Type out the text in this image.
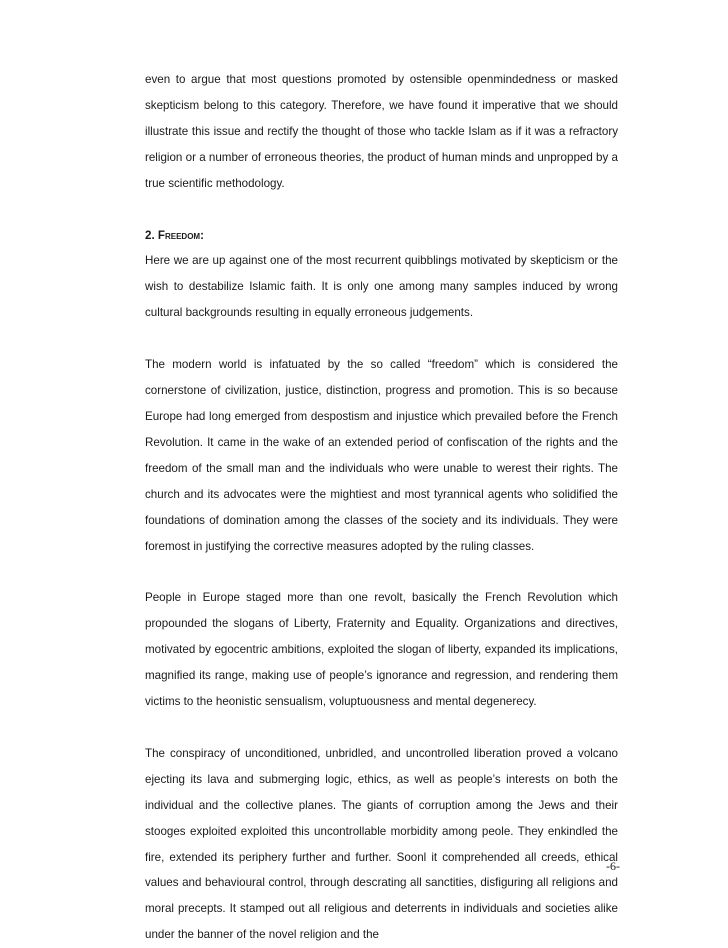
even to argue that most questions promoted by ostensible openmindedness or masked skepticism belong to this category. Therefore, we have found it imperative that we should illustrate this issue and rectify the thought of those who tackle Islam as if it was a refractory religion or a number of erroneous theories, the product of human minds and unpropped by a true scientific methodology.

2. Freedom:

Here we are up against one of the most recurrent quibblings motivated by skepticism or the wish to destabilize Islamic faith. It is only one among many samples induced by wrong cultural backgrounds resulting in equally erroneous judgements.

The modern world is infatuated by the so called “freedom” which is considered the cornerstone of civilization, justice, distinction, progress and promotion. This is so because Europe had long emerged from despostism and injustice which prevailed before the French Revolution. It came in the wake of an extended period of confiscation of the rights and the freedom of the small man and the individuals who were unable to werest their rights. The church and its advocates were the mightiest and most tyrannical agents who solidified the foundations of domination among the classes of the society and its individuals. They were foremost in justifying the corrective measures adopted by the ruling classes.

People in Europe staged more than one revolt, basically the French Revolution which propounded the slogans of Liberty, Fraternity and Equality. Organizations and directives, motivated by egocentric ambitions, exploited the slogan of liberty, expanded its implications, magnified its range, making use of people’s ignorance and regression, and rendering them victims to the heonistic sensualism, voluptuousness and mental degenerecy.

The conspiracy of unconditioned, unbridled, and uncontrolled liberation proved a volcano ejecting its lava and submerging logic, ethics, as well as people’s interests on both the individual and the collective planes. The giants of corruption among the Jews and their stooges exploited exploited this uncontrollable morbidity among peole. They enkindled the fire, extended its periphery further and further. Soonl it comprehended all creeds, ethical values and behavioural control, through descrating all sanctities, disfiguring all religions and moral precepts. It stamped out all religious and deterrents in individuals and societies alike under the banner of the novel religion and the

-6-
